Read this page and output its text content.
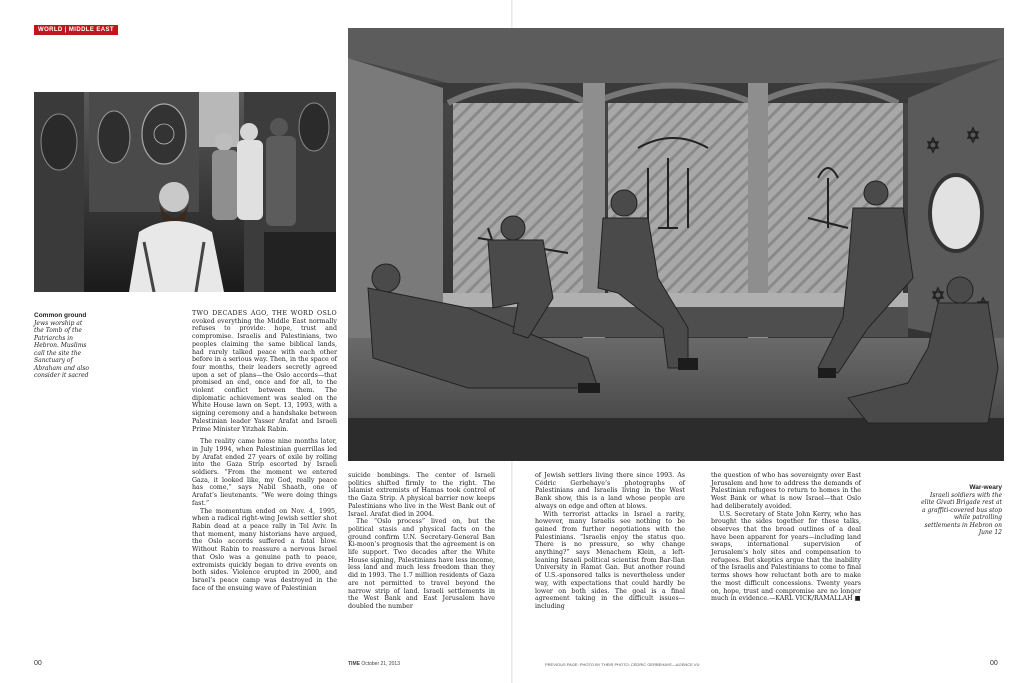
WORLD | MIDDLE EAST
Common ground
Jews worship at the Tomb of the Patriarchs in Hebron. Muslims call the site the Sanctuary of Abraham and also consider it sacred

TWO DECADES AGO, THE WORD OSLO evoked everything the Middle East normally refuses to provide: hope, trust and compromise. Israelis and Palestinians, two peoples claiming the same biblical lands, had rarely talked peace with each other before in a serious way. Then, in the space of four months, their leaders secretly agreed upon a set of plans—the Oslo accords—that promised an end, once and for all, to the violent conflict between them. The diplomatic achievement was sealed on the White House lawn on Sept. 13, 1993, with a signing ceremony and a handshake between Palestinian leader Yasser Arafat and Israeli Prime Minister Yitzhak Rabin.

The reality came home nine months later, in July 1994, when Palestinian guerrillas led by Arafat ended 27 years of exile by rolling into the Gaza Strip escorted by Israeli soldiers. “From the moment we entered Gaza, it looked like, my God, really peace has come,” says Nabil Shaath, one of Arafat’s lieutenants. “We were doing things fast.”

The momentum ended on Nov. 4, 1995, when a radical right-wing Jewish settler shot Rabin dead at a peace rally in Tel Aviv. In that moment, many historians have argued, the Oslo accords suffered a fatal blow. Without Rabin to reassure a nervous Israel that Oslo was a genuine path to peace, extremists quickly began to drive events on both sides. Violence erupted in 2000, and Israel’s peace camp was destroyed in the face of the ensuing wave of Palestinian

suicide bombings. The center of Israeli politics shifted firmly to the right. The Islamist extremists of Hamas took control of the Gaza Strip. A physical barrier now keeps Palestinians who live in the West Bank out of Israel. Arafat died in 2004.

The “Oslo process” lived on, but the political stasis and physical facts on the ground confirm U.N. Secretary-General Ban Ki-moon’s prognosis that the agreement is on life support. Two decades after the White House signing, Palestinians have less income, less land and much less freedom than they did in 1993. The 1.7 million residents of Gaza are not permitted to travel beyond the narrow strip of land. Israeli settlements in the West Bank and East Jerusalem have doubled the number

of Jewish settlers living there since 1993. As Cédric Gerbehaye’s photographs of Palestinians and Israelis living in the West Bank show, this is a land whose people are always on edge and often at blows.

With terrorist attacks in Israel a rarity, however, many Israelis see nothing to be gained from further negotiations with the Palestinians. “Israelis enjoy the status quo. There is no pressure, so why change anything?” says Menachem Klein, a left-leaning Israeli political scientist from Bar-Ilan University in Ramat Gan. But another round of U.S.-sponsored talks is nevertheless under way, with expectations that could hardly be lower on both sides. The goal is a final agreement taking in the difficult issues—including

the question of who has sovereignty over East Jerusalem and how to address the demands of Palestinian refugees to return to homes in the West Bank or what is now Israel—that Oslo had deliberately avoided.

U.S. Secretary of State John Kerry, who has brought the sides together for these talks, observes that the broad outlines of a deal have been apparent for years—including land swaps, international supervision of Jerusalem’s holy sites and compensation to refugees. But skeptics argue that the inability of the Israelis and Palestinians to come to final terms shows how reluctant both are to make the most difficult concessions. Twenty years on, hope, trust and compromise are no longer much in evidence.—KARL VICK/RAMALLAH ■

War-weary
Israeli soldiers with the elite Givati Brigade rest at a graffiti-covered bus stop while patrolling settlements in Hebron on June 12
00	00
TIME October 21, 2013	PREVIOUS PAGE: PHOTO BY THEIR PHOTO: CÉDRIC GERBEHAYE—AGENCE VU
